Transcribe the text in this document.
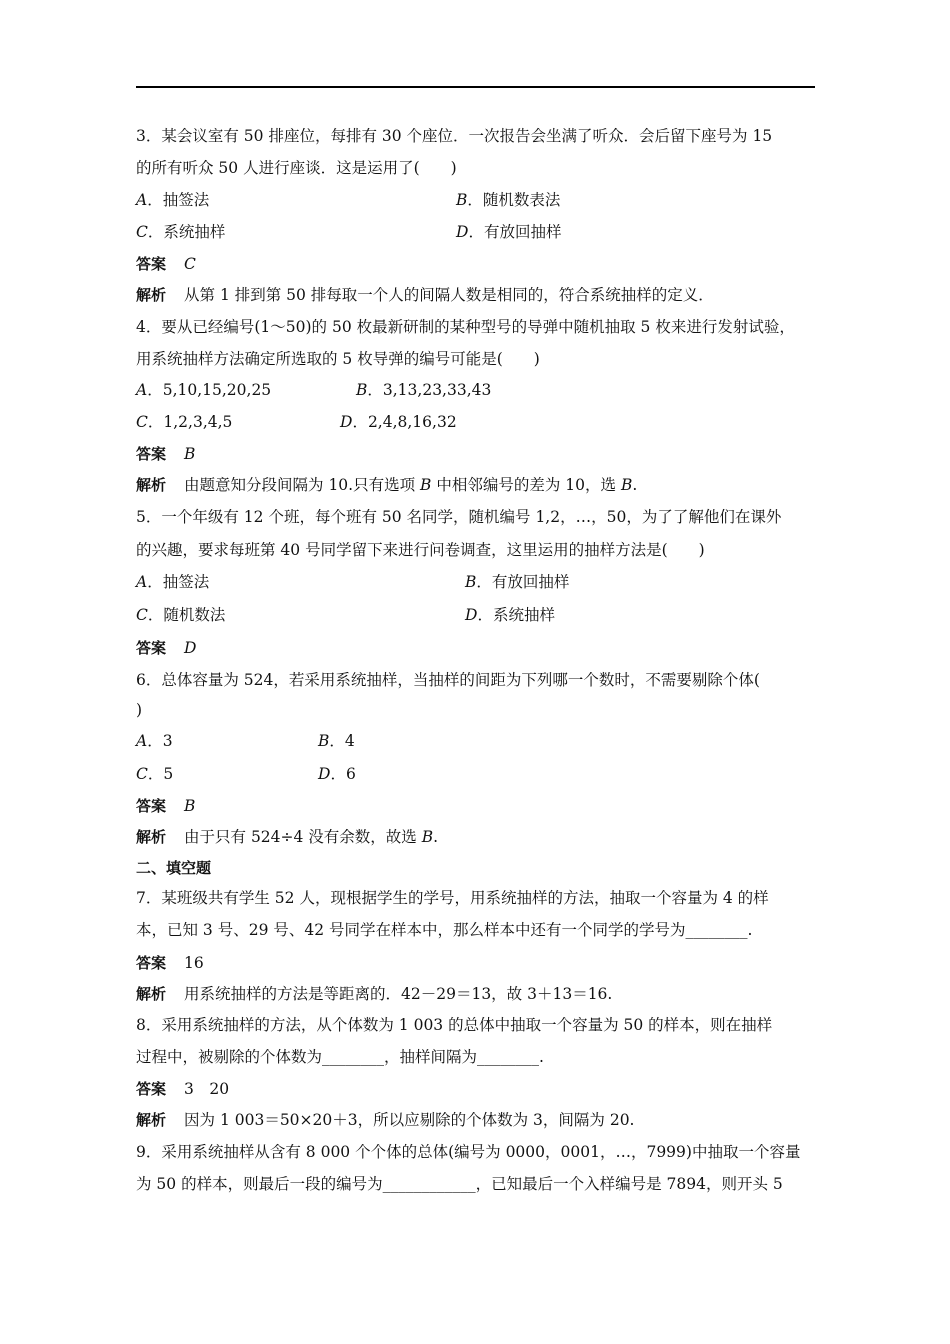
3．某会议室有 50 排座位，每排有 30 个座位．一次报告会坐满了听众．会后留下座号为 15
的所有听众 50 人进行座谈．这是运用了(　　)
A．抽签法	B．随机数表法
C．系统抽样	D．有放回抽样
答案 C
解析 从第 1 排到第 50 排每取一个人的间隔人数是相同的，符合系统抽样的定义．
4．要从已经编号(1～50)的 50 枚最新研制的某种型号的导弹中随机抽取 5 枚来进行发射试验，
用系统抽样方法确定所选取的 5 枚导弹的编号可能是(　　)
A．5,10,15,20,25	B．3,13,23,33,43
C．1,2,3,4,5	D．2,4,8,16,32
答案 B
解析 由题意知分段间隔为 10.只有选项 B 中相邻编号的差为 10，选 B.
5．一个年级有 12 个班，每个班有 50 名同学，随机编号 1,2，…，50，为了了解他们在课外
的兴趣，要求每班第 40 号同学留下来进行问卷调查，这里运用的抽样方法是(　　)
A．抽签法	B．有放回抽样
C．随机数法	D．系统抽样
答案 D
6．总体容量为 524，若采用系统抽样，当抽样的间距为下列哪一个数时，不需要剔除个体(
)
A．3	B．4
C．5	D．6
答案 B
解析 由于只有 524÷4 没有余数，故选 B.
二、填空题
7．某班级共有学生 52 人，现根据学生的学号，用系统抽样的方法，抽取一个容量为 4 的样
本，已知 3 号、29 号、42 号同学在样本中，那么样本中还有一个同学的学号为________.
答案 16
解析 用系统抽样的方法是等距离的．42－29＝13，故 3＋13＝16.
8．采用系统抽样的方法，从个体数为 1 003 的总体中抽取一个容量为 50 的样本，则在抽样
过程中，被剔除的个体数为________，抽样间隔为________.
答案 3　20
解析 因为 1 003＝50×20＋3，所以应剔除的个体数为 3，间隔为 20.
9．采用系统抽样从含有 8 000 个个体的总体(编号为 0000，0001，…，7999)中抽取一个容量
为 50 的样本，则最后一段的编号为____________，已知最后一个入样编号是 7894，则开头 5
